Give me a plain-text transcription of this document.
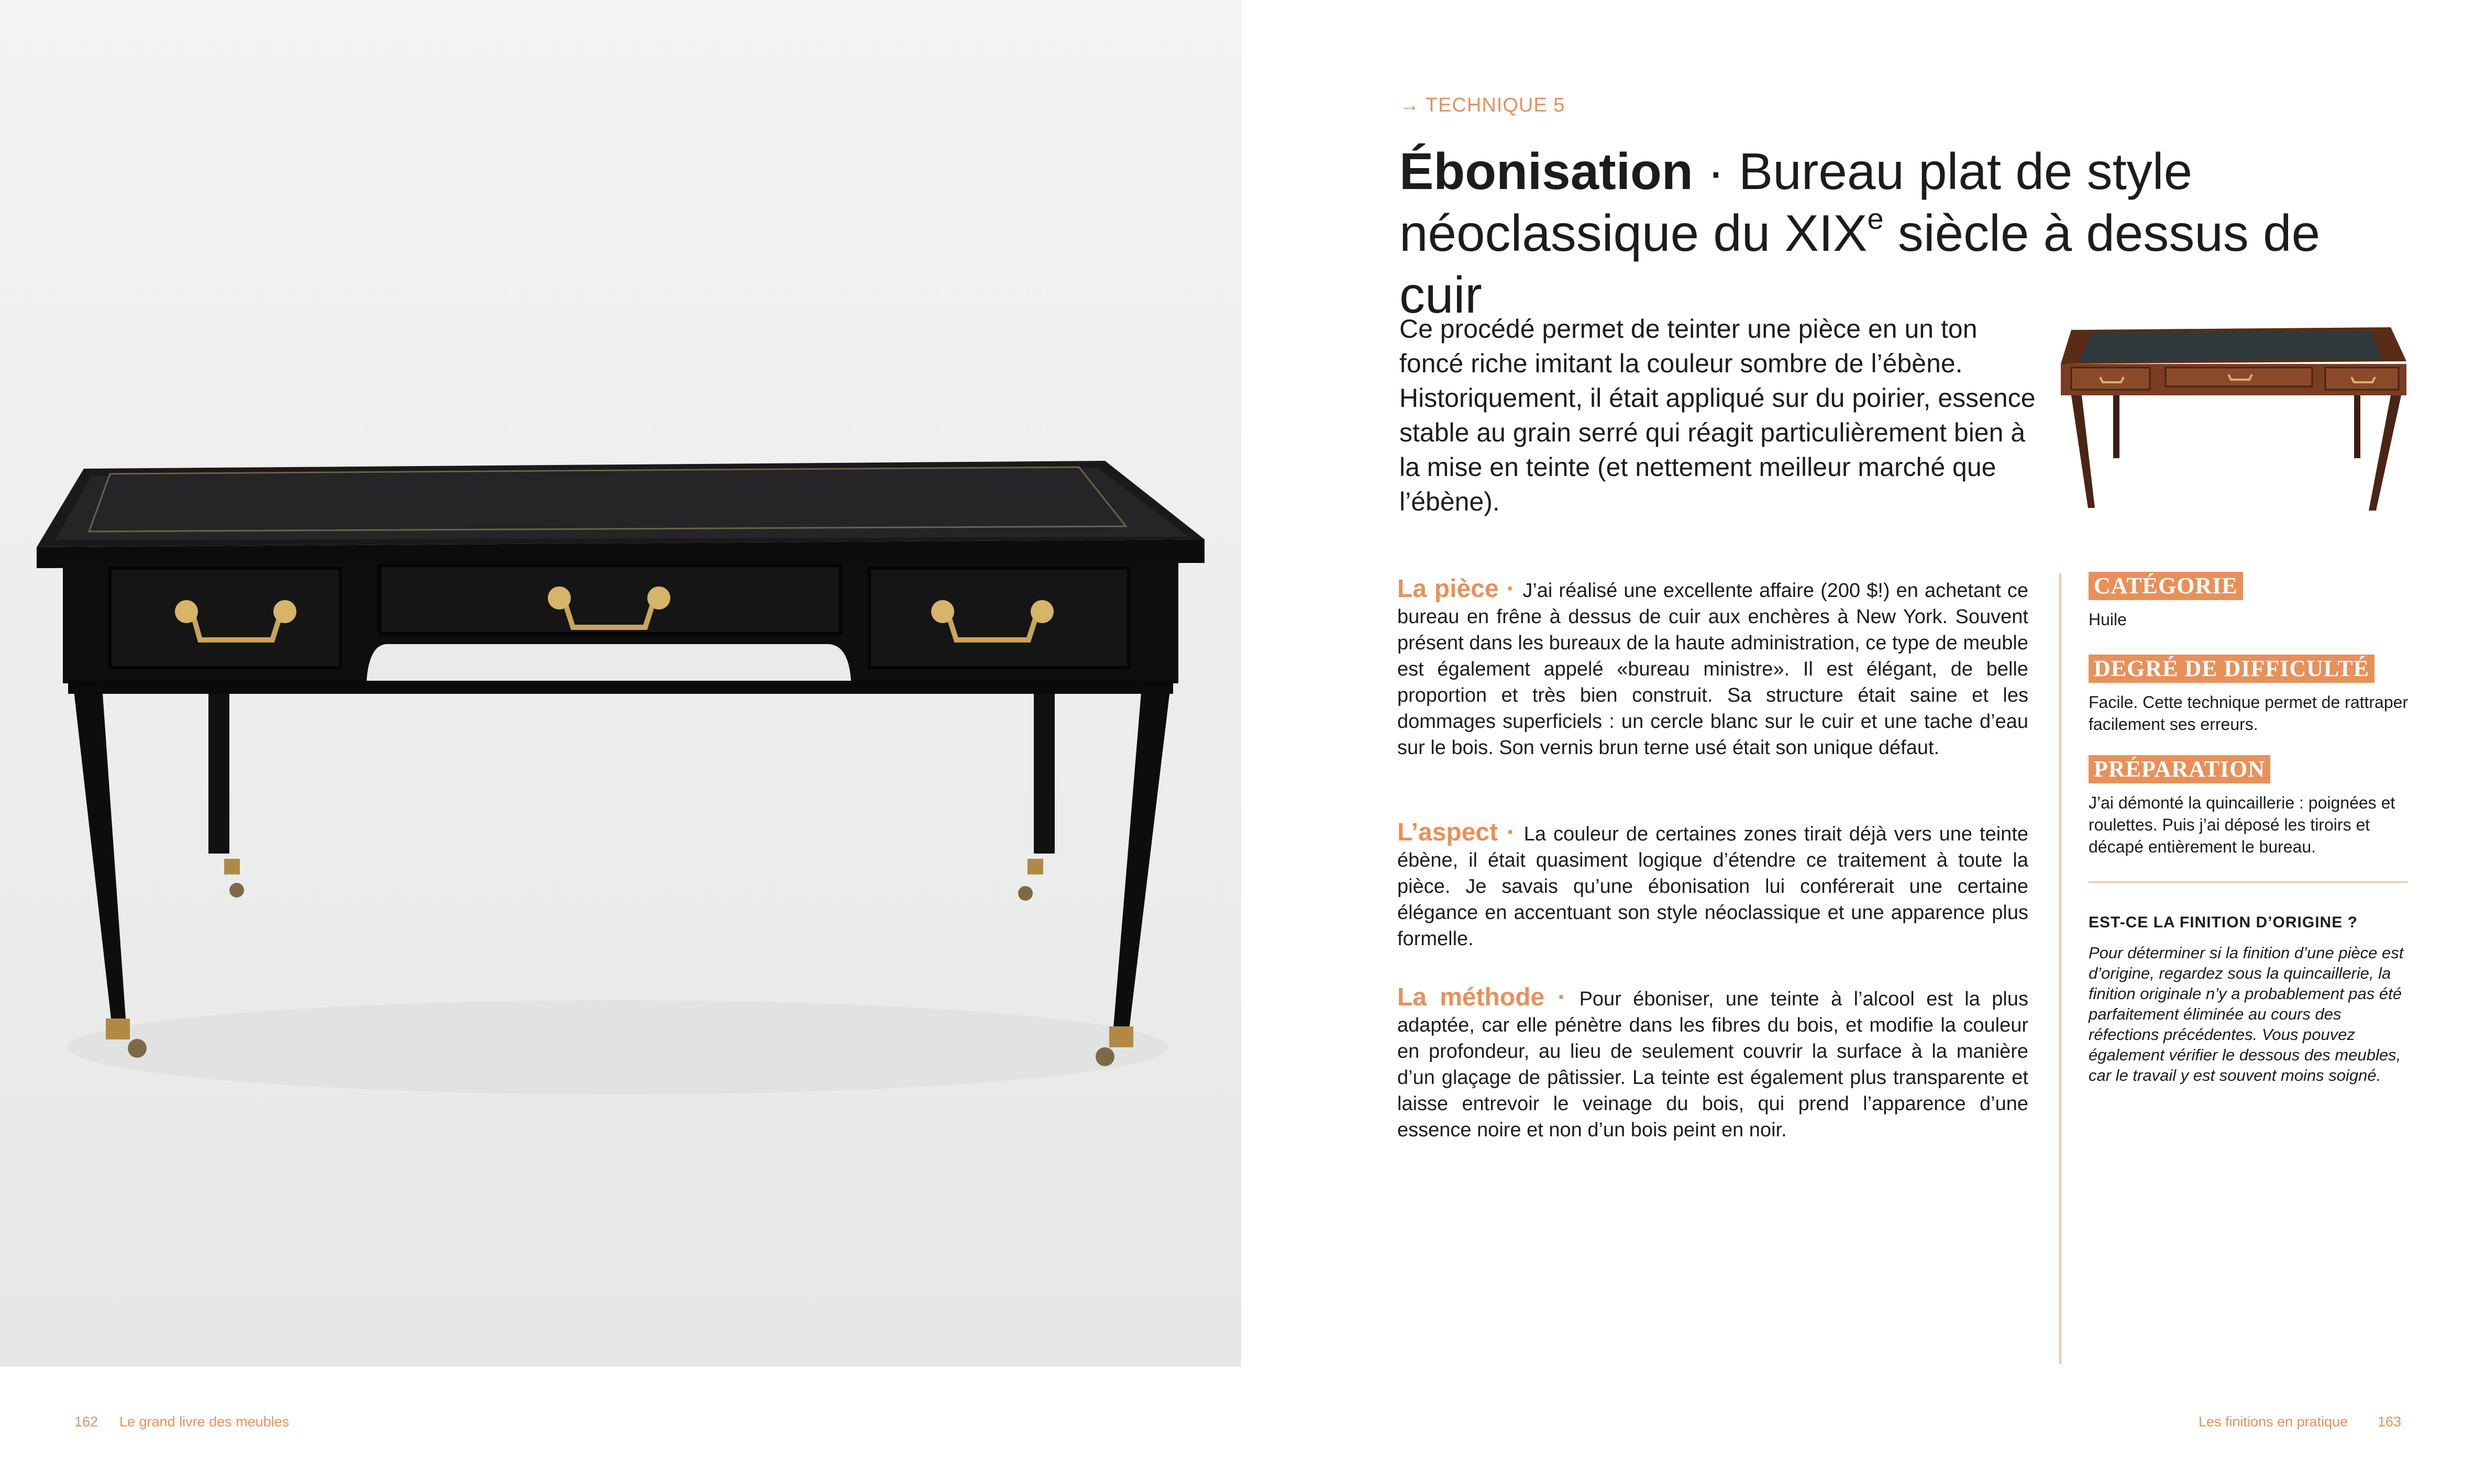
162 Le grand livre des meubles
→ TECHNIQUE 5
Ébonisation · Bureau plat de style
néoclassique du XIXe siècle à dessus de cuir
Ce procédé permet de teinter une pièce en un ton foncé riche imitant la couleur sombre de l’ébène. Historiquement, il était appliqué sur du poirier, essence stable au grain serré qui réagit particulièrement bien à la mise en teinte (et nettement meilleur marché que l’ébène).
La pièce · J’ai réalisé une excellente affaire (200 $!) en achetant ce bureau en frêne à dessus de cuir aux enchères à New York. Souvent présent dans les bureaux de la haute administration, ce type de meuble est également appelé «bureau ministre». Il est élégant, de belle proportion et très bien construit. Sa structure était saine et les dommages superficiels : un cercle blanc sur le cuir et une tache d’eau sur le bois. Son vernis brun terne usé était son unique défaut.
L’aspect · La couleur de certaines zones tirait déjà vers une teinte ébène, il était quasiment logique d’étendre ce traitement à toute la pièce. Je savais qu’une ébonisation lui conférerait une certaine élégance en accentuant son style néoclassique et une apparence plus formelle.
La méthode · Pour éboniser, une teinte à l’alcool est la plus adaptée, car elle pénètre dans les fibres du bois, et modifie la couleur en profondeur, au lieu de seulement couvrir la surface à la manière d’un glaçage de pâtissier. La teinte est également plus transparente et laisse entrevoir le veinage du bois, qui prend l’apparence d’une essence noire et non d’un bois peint en noir.
CATÉGORIE
Huile
DEGRÉ DE DIFFICULTÉ
Facile. Cette technique permet de rattraper facilement ses erreurs.
PRÉPARATION
J’ai démonté la quincaillerie : poignées et roulettes. Puis j’ai déposé les tiroirs et décapé entièrement le bureau.
EST-CE LA FINITION D’ORIGINE ?
Pour déterminer si la finition d’une pièce est d’origine, regardez sous la quincaillerie, la finition originale n’y a probablement pas été parfaitement éliminée au cours des réfections précédentes. Vous pouvez également vérifier le dessous des meubles, car le travail y est souvent moins soigné.
Les finitions en pratique 163
